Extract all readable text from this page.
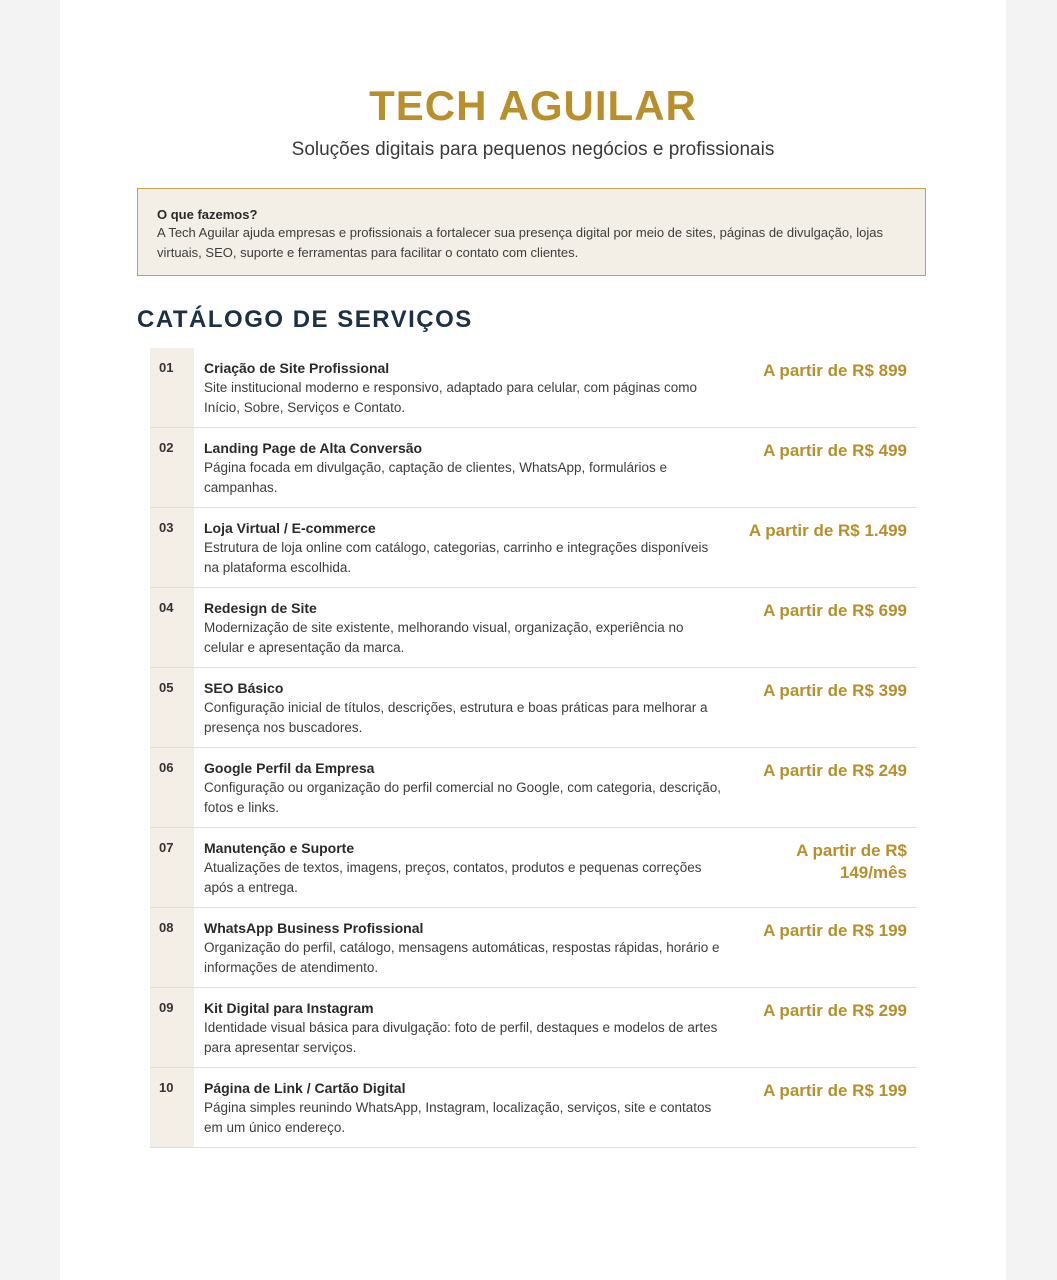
TECH AGUILAR
Soluções digitais para pequenos negócios e profissionais
O que fazemos?
A Tech Aguilar ajuda empresas e profissionais a fortalecer sua presença digital por meio de sites, páginas de divulgação, lojas virtuais, SEO, suporte e ferramentas para facilitar o contato com clientes.
CATÁLOGO DE SERVIÇOS
01 Criação de Site Profissional
Site institucional moderno e responsivo, adaptado para celular, com páginas como Início, Sobre, Serviços e Contato.
A partir de R$ 899
02 Landing Page de Alta Conversão
Página focada em divulgação, captação de clientes, WhatsApp, formulários e campanhas.
A partir de R$ 499
03 Loja Virtual / E-commerce
Estrutura de loja online com catálogo, categorias, carrinho e integrações disponíveis na plataforma escolhida.
A partir de R$ 1.499
04 Redesign de Site
Modernização de site existente, melhorando visual, organização, experiência no celular e apresentação da marca.
A partir de R$ 699
05 SEO Básico
Configuração inicial de títulos, descrições, estrutura e boas práticas para melhorar a presença nos buscadores.
A partir de R$ 399
06 Google Perfil da Empresa
Configuração ou organização do perfil comercial no Google, com categoria, descrição, fotos e links.
A partir de R$ 249
07 Manutenção e Suporte
Atualizações de textos, imagens, preços, contatos, produtos e pequenas correções após a entrega.
A partir de R$ 149/mês
08 WhatsApp Business Profissional
Organização do perfil, catálogo, mensagens automáticas, respostas rápidas, horário e informações de atendimento.
A partir de R$ 199
09 Kit Digital para Instagram
Identidade visual básica para divulgação: foto de perfil, destaques e modelos de artes para apresentar serviços.
A partir de R$ 299
10 Página de Link / Cartão Digital
Página simples reunindo WhatsApp, Instagram, localização, serviços, site e contatos em um único endereço.
A partir de R$ 199
